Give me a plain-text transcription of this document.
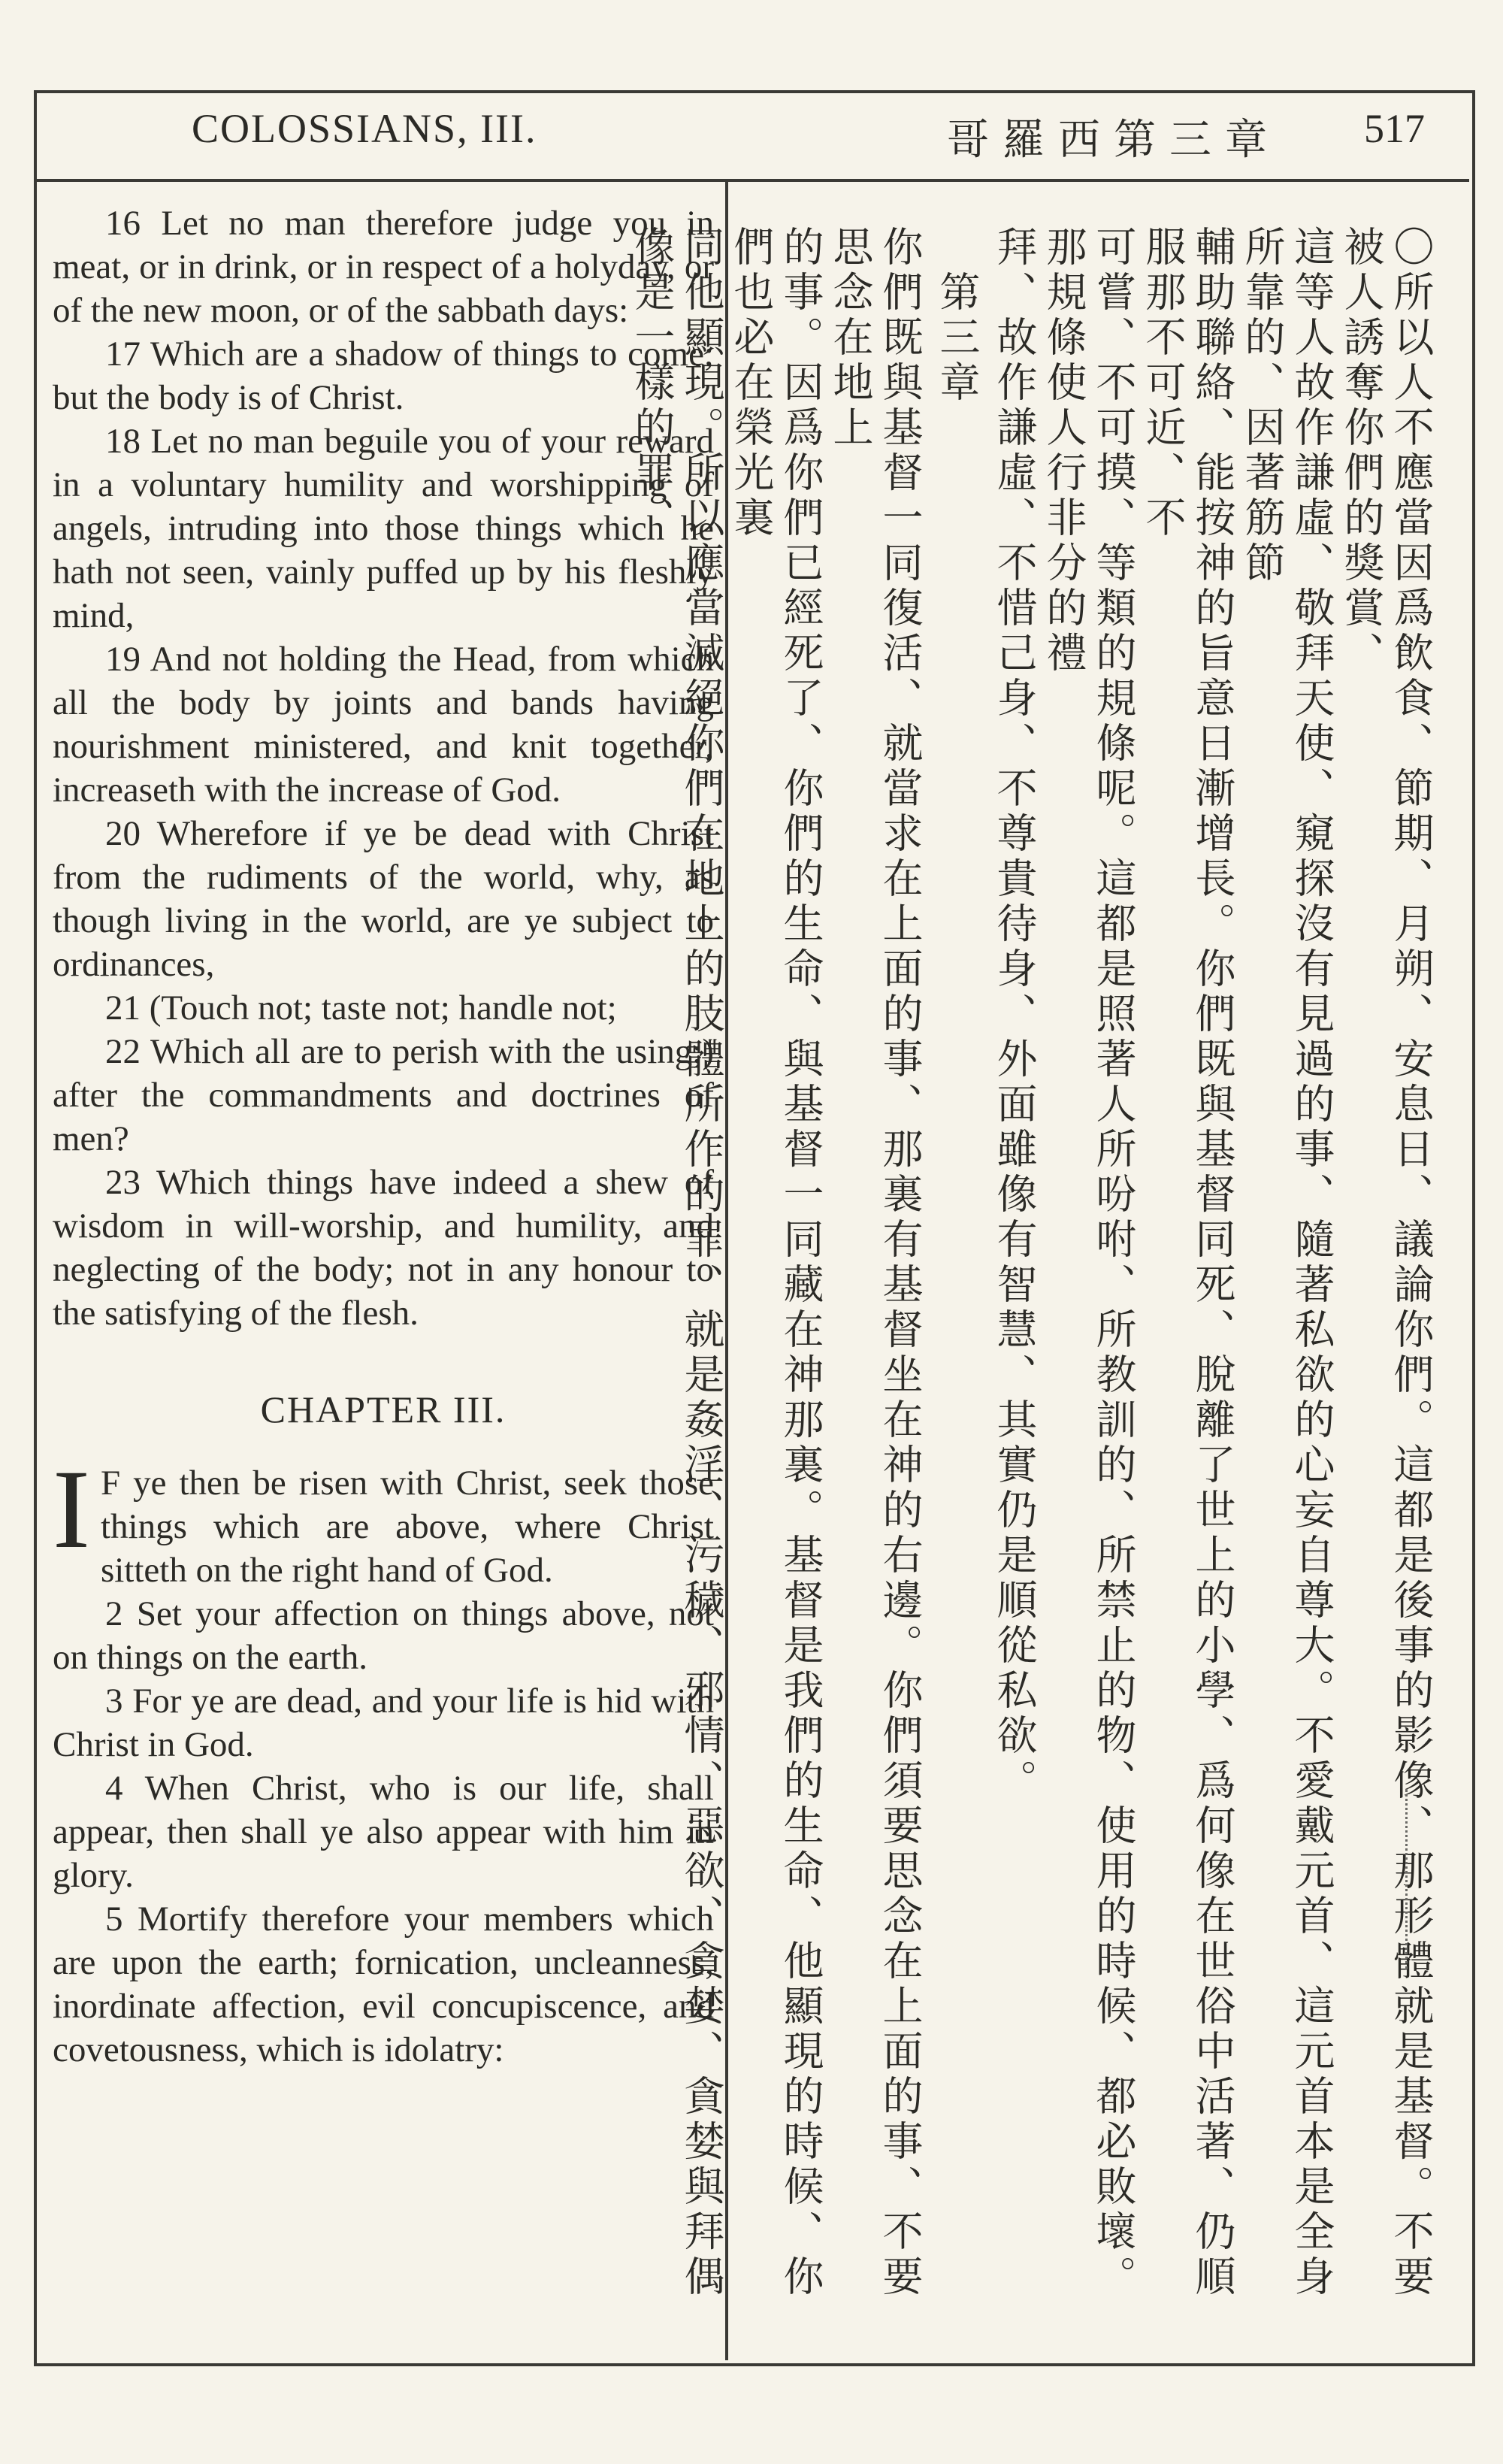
COLOSSIANS, III.	哥羅西第三章 517

16 Let no man therefore judge you in meat, or in drink, or in respect of a holyday, or of the new moon, or of the sabbath days:

17 Which are a shadow of things to come; but the body is of Christ.

18 Let no man beguile you of your reward in a voluntary humility and worshipping of angels, intruding into those things which he hath not seen, vainly puffed up by his fleshly mind,

19 And not holding the Head, from which all the body by joints and bands having nourishment ministered, and knit together, increaseth with the increase of God.

20 Wherefore if ye be dead with Christ from the rudiments of the world, why, as though living in the world, are ye subject to ordinances,

21 (Touch not; taste not; handle not;

22 Which all are to perish with the using;) after the commandments and doctrines of men?

23 Which things have indeed a shew of wisdom in will-worship, and humility, and neglecting of the body; not in any honour to the satisfying of the flesh.

CHAPTER III.

I F ye then be risen with Christ, seek those things which are above, where Christ sitteth on the right hand of God.

2 Set your affection on things above, not on things on the earth.

3 For ye are dead, and your life is hid with Christ in God.

4 When Christ, who is our life, shall appear, then shall ye also appear with him in glory.

5 Mortify therefore your members which are upon the earth; fornication, uncleanness, inordinate affection, evil concupiscence, and covetousness, which is idolatry:	〇所以人不應當因爲飲食、節期、月朔、安息日、議論你們。這都是後事的影像、那形體就是基督。不要被人誘奪你們的獎賞、

這等人故作謙虛、敬拜天使、窺探沒有見過的事、隨著私欲的心妄自尊大。不愛戴元首、這元首本是全身所靠的、因著筋節

輔助聯絡、能按神的旨意日漸增長。你們既與基督同死、脫離了世上的小學、爲何像在世俗中活著、仍順服那不可近、不

可嘗、不可摸、等類的規條呢。這都是照著人所吩咐、所教訓的、所禁止的物、使用的時候、都必敗壞。那規條使人行非分的禮

拜、故作謙虛、不惜己身、不尊貴待身、外面雖像有智慧、其實仍是順從私欲。

第三章

你們既與基督一同復活、就當求在上面的事、那裏有基督坐在神的右邊。你們須要思念在上面的事、不要思念在地上

的事。因爲你們已經死了、你們的生命、與基督一同藏在神那裏。基督是我們的生命、他顯現的時候、你們也必在榮光裏

同他顯現。所以應當滅絕你們在地上的肢體所作的罪、就是姦淫、污穢、邪情、惡欲、貪婪、貪婪與拜偶像是一樣的罪、
